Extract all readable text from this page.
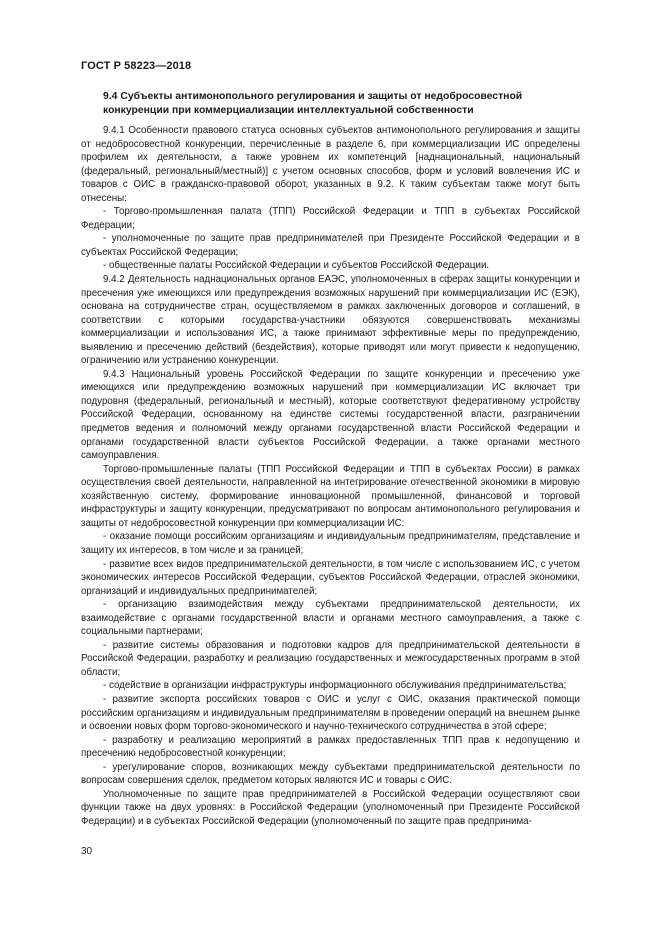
ГОСТ Р 58223—2018
9.4 Субъекты антимонопольного регулирования и защиты от недобросовестной конкуренции при коммерциализации интеллектуальной собственности

9.4.1 Особенности правового статуса основных субъектов антимонопольного регулирования и защиты от недобросовестной конкуренции, перечисленные в разделе 6, при коммерциализации ИС определены профилем их деятельности, а также уровнем их компетенций [наднациональный, национальный (федеральный, региональный/местный)] с учетом основных способов, форм и условий вовлечения ИС и товаров с ОИС в гражданско-правовой оборот, указанных в 9.2. К таким субъектам также могут быть отнесены:

- Торгово-промышленная палата (ТПП) Российской Федерации и ТПП в субъектах Российской Федерации;

- уполномоченные по защите прав предпринимателей при Президенте Российской Федерации и в субъектах Российской Федерации;

- общественные палаты Российской Федерации и субъектов Российской Федерации.

9.4.2 Деятельность наднациональных органов ЕАЭС, уполномоченных в сферах защиты конкуренции и пресечения уже имеющихся или предупреждения возможных нарушений при коммерциализации ИС (ЕЭК), основана на сотрудничестве стран, осуществляемом в рамках заключенных договоров и соглашений, в соответствии с которыми государства-участники обязуются совершенствовать механизмы коммерциализации и использования ИС, а также принимают эффективные меры по предупреждению, выявлению и пресечению действий (бездействия), которые приводят или могут привести к недопущению, ограничению или устранению конкуренции.

9.4.3 Национальный уровень Российской Федерации по защите конкуренции и пресечению уже имеющихся или предупреждению возможных нарушений при коммерциализации ИС включает три подуровня (федеральный, региональный и местный), которые соответствуют федеративному устройству Российской Федерации, основанному на единстве системы государственной власти, разграничении предметов ведения и полномочий между органами государственной власти Российской Федерации и органами государственной власти субъектов Российской Федерации, а также органами местного самоуправления.

Торгово-промышленные палаты (ТПП Российской Федерации и ТПП в субъектах России) в рамках осуществления своей деятельности, направленной на интегрирование отечественной экономики в мировую хозяйственную систему, формирование инновационной промышленной, финансовой и торговой инфраструктуры и защиту конкуренции, предусматривают по вопросам антимонопольного регулирования и защиты от недобросовестной конкуренции при коммерциализации ИС:

- оказание помощи российским организациям и индивидуальным предпринимателям, представление и защиту их интересов, в том числе и за границей;

- развитие всех видов предпринимательской деятельности, в том числе с использованием ИС, с учетом экономических интересов Российской Федерации, субъектов Российской Федерации, отраслей экономики, организаций и индивидуальных предпринимателей;

- организацию взаимодействия между субъектами предпринимательской деятельности, их взаимодействие с органами государственной власти и органами местного самоуправления, а также с социальными партнерами;

- развитие системы образования и подготовки кадров для предпринимательской деятельности в Российской Федерации, разработку и реализацию государственных и межгосударственных программ в этой области;

- содействие в организации инфраструктуры информационного обслуживания предпринимательства;

- развитие экспорта российских товаров с ОИС и услуг с ОИС, оказания практической помощи российским организациям и индивидуальным предпринимателям в проведении операций на внешнем рынке и освоении новых форм торгово-экономического и научно-технического сотрудничества в этой сфере;

- разработку и реализацию мероприятий в рамках предоставленных ТПП прав к недопущению и пресечению недобросовестной конкуренции;

- урегулирование споров, возникающих между субъектами предпринимательской деятельности по вопросам совершения сделок, предметом которых являются ИС и товары с ОИС.

Уполномоченные по защите прав предпринимателей в Российской Федерации осуществляют свои функции также на двух уровнях: в Российской Федерации (уполномоченный при Президенте Российской Федерации) и в субъектах Российской Федерации (уполномоченный по защите прав предпринима-

30
